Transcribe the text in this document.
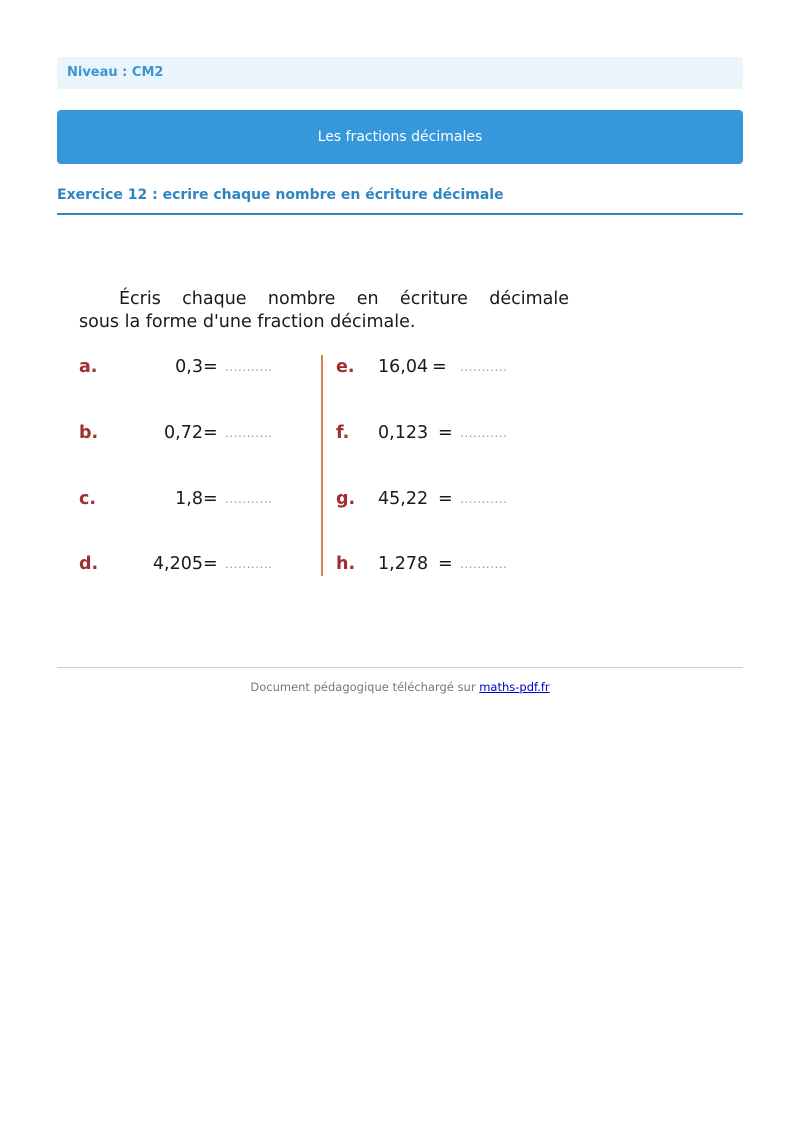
Niveau : CM2
Les fractions décimales
Exercice 12 : ecrire chaque nombre en écriture décimale
Écris chaque nombre en écriture décimale
sous la forme d'une fraction décimale.
a.	0,3 = ...........
b.	0,72 = ...........
c.	1,8 = ...........
d.	4,205 = ...........
e. 16,04 = ...........
f. 0,123 = ...........
g. 45,22 = ...........
h. 1,278 = ...........
Document pédagogique téléchargé sur maths-pdf.fr
